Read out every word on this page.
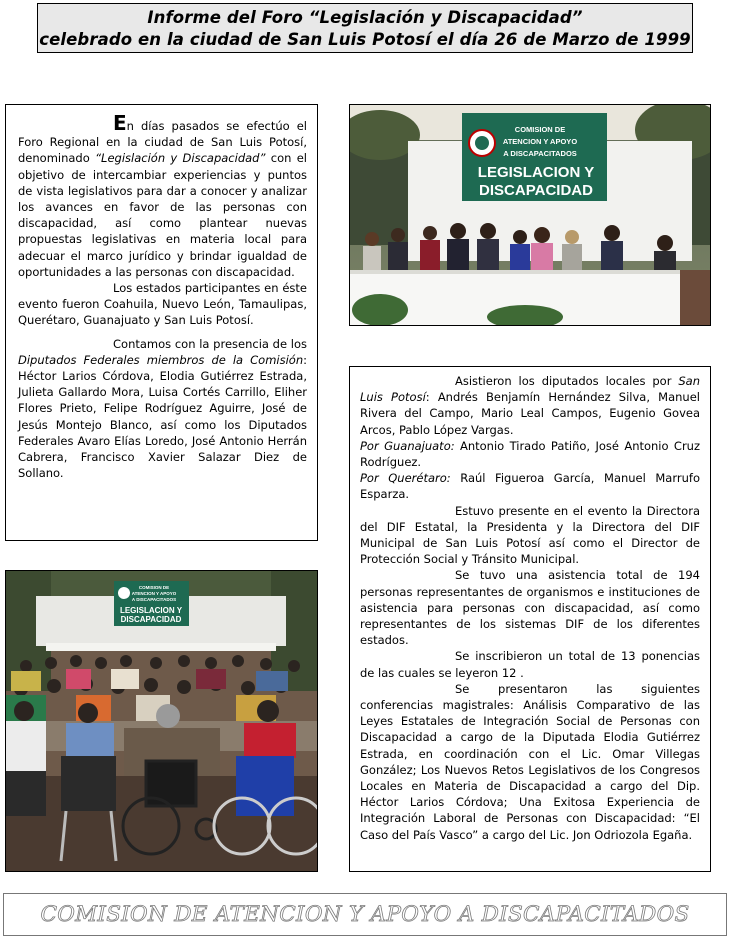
Informe del Foro “Legislación y Discapacidad”
celebrado en la ciudad de San Luis Potosí el día 26 de Marzo de 1999

En días pasados se efectúo el Foro Regional en la ciudad de San Luis Potosí, denominado “Legislación y Discapacidad” con el objetivo de intercambiar experiencias y puntos de vista legislativos para dar a conocer y analizar los avances en favor de las personas con discapacidad, así como plantear nuevas propuestas legislativas en materia local para adecuar el marco jurídico y brindar igualdad de oportunidades a las personas con discapacidad.

Los estados participantes en éste evento fueron Coahuila, Nuevo León, Tamaulipas, Querétaro, Guanajuato y San Luis Potosí.

Contamos con la presencia de los Diputados Federales miembros de la Comisión: Héctor Larios Córdova, Elodia Gutiérrez Estrada, Julieta Gallardo Mora, Luisa Cortés Carrillo, Eliher Flores Prieto, Felipe Rodríguez Aguirre, José de Jesús Montejo Blanco, así como los Diputados Federales Avaro Elías Loredo, José Antonio Herrán Cabrera, Francisco Xavier Salazar Diez de Sollano.

COMISION DE
ATENCION Y APOYO
A DISCAPACITADOS
LEGISLACION Y
DISCAPACIDAD

Asistieron los diputados locales por San Luis Potosí: Andrés Benjamín Hernández Silva, Manuel Rivera del Campo, Mario Leal Campos, Eugenio Govea Arcos, Pablo López Vargas.
Por Guanajuato: Antonio Tirado Patiño, José Antonio Cruz Rodríguez.
Por Querétaro: Raúl Figueroa García, Manuel Marrufo Esparza.

Estuvo presente en el evento la Directora del DIF Estatal, la Presidenta y la Directora del DIF Municipal de San Luis Potosí así como el Director de Protección Social y Tránsito Municipal.

Se tuvo una asistencia total de 194 personas representantes de organismos e instituciones de asistencia para personas con discapacidad, así como representantes de los sistemas DIF de los diferentes estados.

Se inscribieron un total de 13 ponencias de las cuales se leyeron 12 .

Se presentaron las siguientes conferencias magistrales: Análisis Comparativo de las Leyes Estatales de Integración Social de Personas con Discapacidad a cargo de la Diputada Elodia Gutiérrez Estrada, en coordinación con el Lic. Omar Villegas González; Los Nuevos Retos Legislativos de los Congresos Locales en Materia de Discapacidad a cargo del Dip. Héctor Larios Córdova; Una Exitosa Experiencia de Integración Laboral de Personas con Discapacidad: “El Caso del País Vasco” a cargo del Lic. Jon Odriozola Egaña.

COMISION DE
ATENCION Y APOYO
A DISCAPACITADOS
LEGISLACION Y
DISCAPACIDAD
COMISION DE ATENCION Y APOYO A DISCAPACITADOS
